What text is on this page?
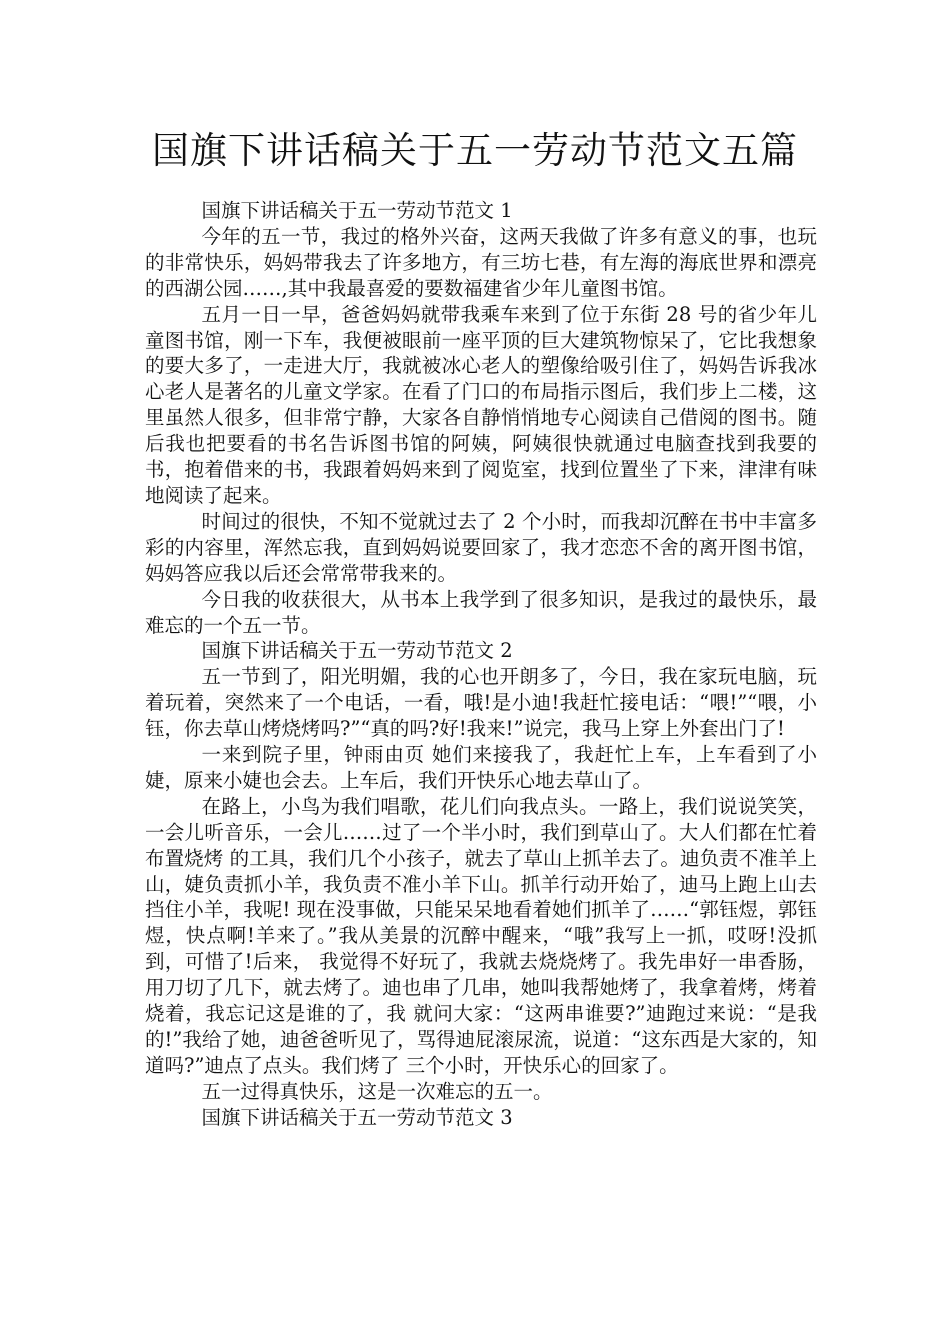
国旗下讲话稿关于五一劳动节范文五篇
国旗下讲话稿关于五一劳动节范文 1

今年的五一节，我过的格外兴奋，这两天我做了许多有意义的事，也玩的非常快乐，妈妈带我去了许多地方，有三坊七巷，有左海的海底世界和漂亮的西湖公园……,其中我最喜爱的要数福建省少年儿童图书馆。

五月一日一早，爸爸妈妈就带我乘车来到了位于东街 28 号的省少年儿童图书馆，刚一下车，我便被眼前一座平顶的巨大建筑物惊呆了，它比我想象的要大多了，一走进大厅，我就被冰心老人的塑像给吸引住了，妈妈告诉我冰心老人是著名的儿童文学家。在看了门口的布局指示图后，我们步上二楼，这里虽然人很多，但非常宁静，大家各自静悄悄地专心阅读自己借阅的图书。随后我也把要看的书名告诉图书馆的阿姨，阿姨很快就通过电脑查找到我要的书，抱着借来的书，我跟着妈妈来到了阅览室，找到位置坐了下来，津津有味地阅读了起来。

时间过的很快，不知不觉就过去了 2 个小时，而我却沉醉在书中丰富多彩的内容里，浑然忘我，直到妈妈说要回家了，我才恋恋不舍的离开图书馆，妈妈答应我以后还会常常带我来的。

今日我的收获很大，从书本上我学到了很多知识，是我过的最快乐，最难忘的一个五一节。

国旗下讲话稿关于五一劳动节范文 2

五一节到了，阳光明媚，我的心也开朗多了，今日，我在家玩电脑，玩着玩着，突然来了一个电话，一看，哦!是小迪!我赶忙接电话：“喂!”“喂，小钰，你去草山烤烧烤吗?”“真的吗?好!我来!”说完，我马上穿上外套出门了!

一来到院子里，钟雨由页 她们来接我了，我赶忙上车，上车看到了小婕，原来小婕也会去。上车后，我们开快乐心地去草山了。

在路上，小鸟为我们唱歌，花儿们向我点头。一路上，我们说说笑笑，一会儿听音乐，一会儿……过了一个半小时，我们到草山了。大人们都在忙着布置烧烤 的工具，我们几个小孩子，就去了草山上抓羊去了。迪负责不准羊上山，婕负责抓小羊，我负责不准小羊下山。抓羊行动开始了，迪马上跑上山去挡住小羊，我呢! 现在没事做，只能呆呆地看着她们抓羊了……“郭钰煜，郭钰煜，快点啊!羊来了。”我从美景的沉醉中醒来，“哦”我写上一抓，哎呀!没抓到，可惜了!后来， 我觉得不好玩了，我就去烧烧烤了。我先串好一串香肠，用刀切了几下，就去烤了。迪也串了几串，她叫我帮她烤了，我拿着烤，烤着烧着，我忘记这是谁的了，我 就问大家：“这两串谁要?”迪跑过来说：“是我的!”我给了她，迪爸爸听见了，骂得迪屁滚尿流，说道：“这东西是大家的，知道吗?”迪点了点头。我们烤了 三个小时，开快乐心的回家了。

五一过得真快乐，这是一次难忘的五一。

国旗下讲话稿关于五一劳动节范文 3
